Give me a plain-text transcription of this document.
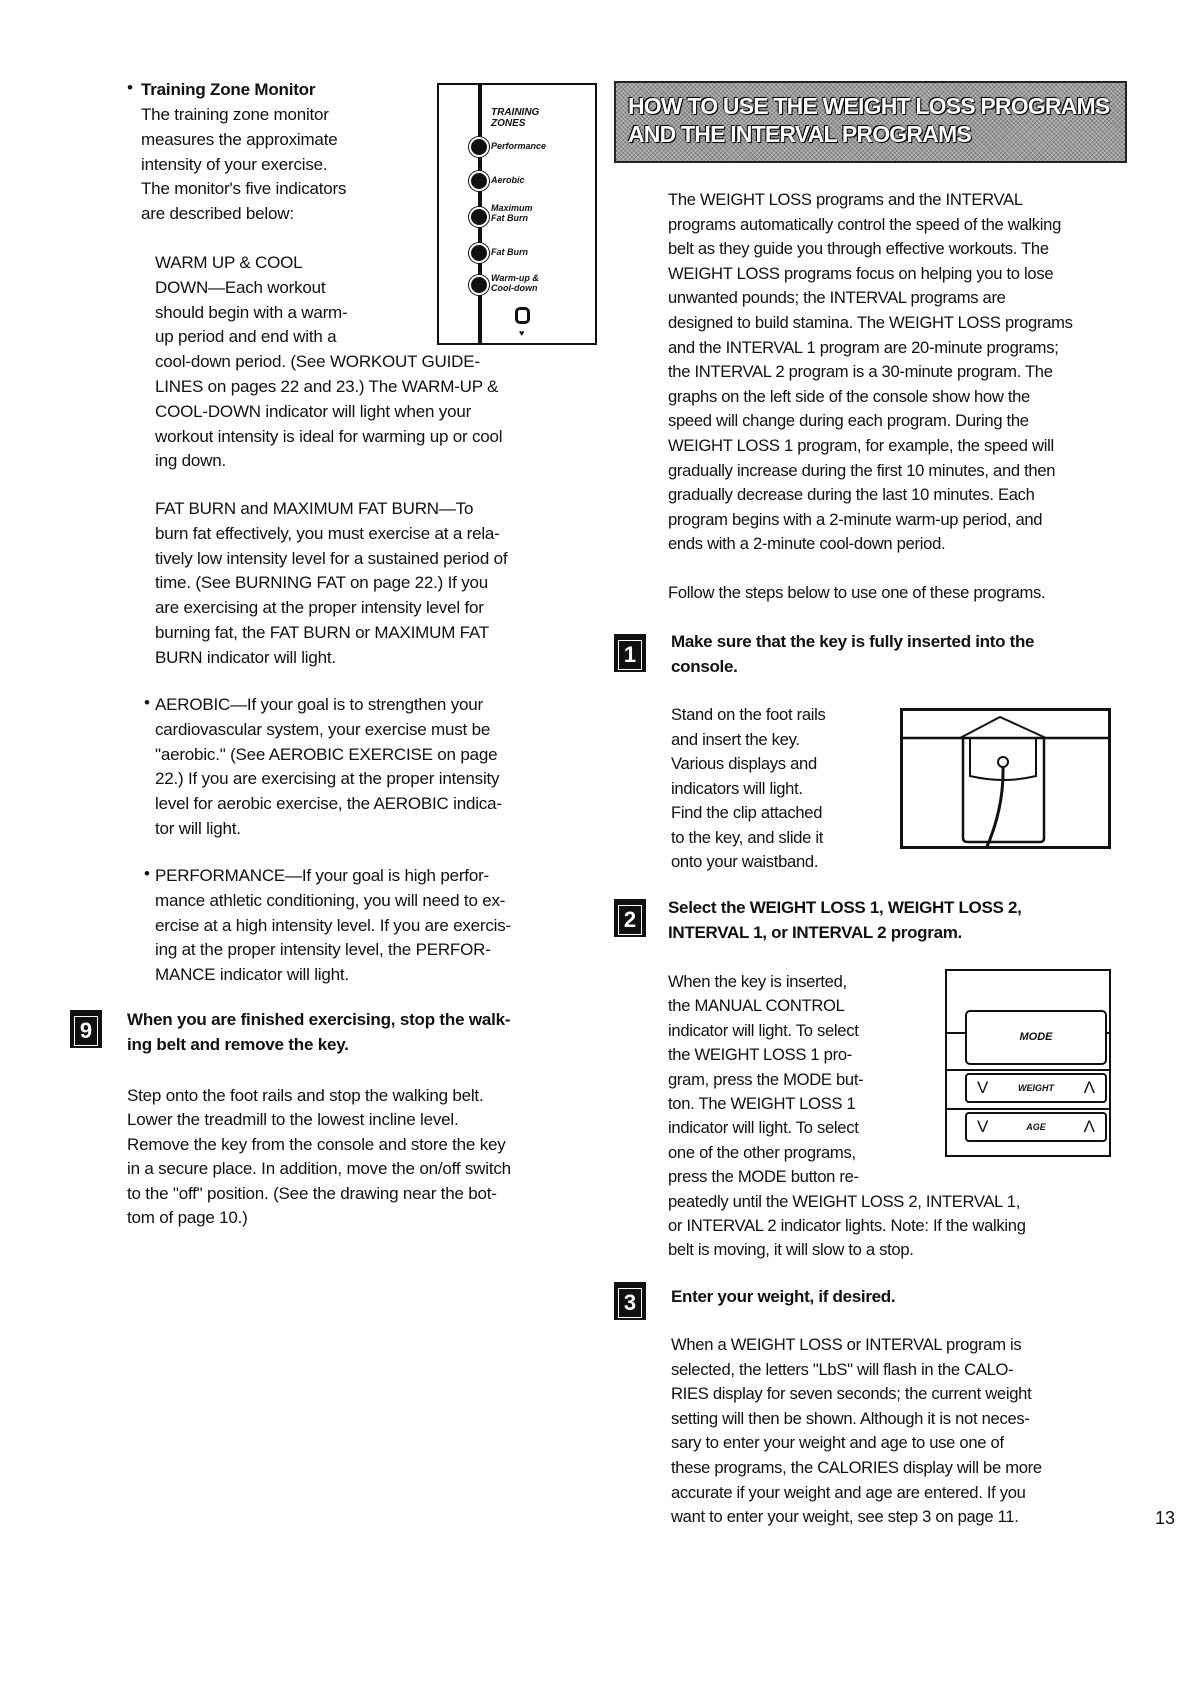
• Training Zone Monitor
The training zone monitor
measures the approximate
intensity of your exercise.
The monitor's five indicators
are described below:
TRAINING
ZONES
Performance
Aerobic
Maximum Fat Burn
Fat Burn
Warm-up & Cool-down
♥
WARM UP & COOL
DOWN—Each workout
should begin with a warm-
up period and end with a
cool-down period. (See WORKOUT GUIDE-
LINES on pages 22 and 23.) The WARM-UP &
COOL-DOWN indicator will light when your
workout intensity is ideal for warming up or cool
ing down.
FAT BURN and MAXIMUM FAT BURN—To
burn fat effectively, you must exercise at a rela-
tively low intensity level for a sustained period of
time. (See BURNING FAT on page 22.) If you
are exercising at the proper intensity level for
burning fat, the FAT BURN or MAXIMUM FAT
BURN indicator will light.
• AEROBIC—If your goal is to strengthen your
cardiovascular system, your exercise must be
"aerobic." (See AEROBIC EXERCISE on page
22.) If you are exercising at the proper intensity
level for aerobic exercise, the AEROBIC indica-
tor will light.
• PERFORMANCE—If your goal is high perfor-
mance athletic conditioning, you will need to ex-
ercise at a high intensity level. If you are exercis-
ing at the proper intensity level, the PERFOR-
MANCE indicator will light.
9	When you are finished exercising, stop the walk-
ing belt and remove the key.
Step onto the foot rails and stop the walking belt.
Lower the treadmill to the lowest incline level.
Remove the key from the console and store the key
in a secure place. In addition, move the on/off switch
to the "off" position. (See the drawing near the bot-
tom of page 10.)
HOW TO USE THE WEIGHT LOSS PROGRAMS
AND THE INTERVAL PROGRAMS
The WEIGHT LOSS programs and the INTERVAL
programs automatically control the speed of the walking
belt as they guide you through effective workouts. The
WEIGHT LOSS programs focus on helping you to lose
unwanted pounds; the INTERVAL programs are
designed to build stamina. The WEIGHT LOSS programs
and the INTERVAL 1 program are 20-minute programs;
the INTERVAL 2 program is a 30-minute program. The
graphs on the left side of the console show how the
speed will change during each program. During the
WEIGHT LOSS 1 program, for example, the speed will
gradually increase during the first 10 minutes, and then
gradually decrease during the last 10 minutes. Each
program begins with a 2-minute warm-up period, and
ends with a 2-minute cool-down period.
Follow the steps below to use one of these programs.
1
Make sure that the key is fully inserted into the
console.
Stand on the foot rails
and insert the key.
Various displays and
indicators will light.
Find the clip attached
to the key, and slide it
onto your waistband.
2	Select the WEIGHT LOSS 1, WEIGHT LOSS 2,
INTERVAL 1, or INTERVAL 2 program.
When the key is inserted,
the MANUAL CONTROL
indicator will light. To select
the WEIGHT LOSS 1 pro-
gram, press the MODE but-
ton. The WEIGHT LOSS 1
indicator will light. To select
one of the other programs,
press the MODE button re-
peatedly until the WEIGHT LOSS 2, INTERVAL 1,
or INTERVAL 2 indicator lights. Note: If the walking
belt is moving, it will slow to a stop.
MODE
V	WEIGHT Λ
V	AGE Λ
3	Enter your weight, if desired.
When a WEIGHT LOSS or INTERVAL program is
selected, the letters "LbS" will flash in the CALO-
RIES display for seven seconds; the current weight
setting will then be shown. Although it is not neces-
sary to enter your weight and age to use one of
these programs, the CALORIES display will be more
accurate if your weight and age are entered. If you
want to enter your weight, see step 3 on page 11.	13
